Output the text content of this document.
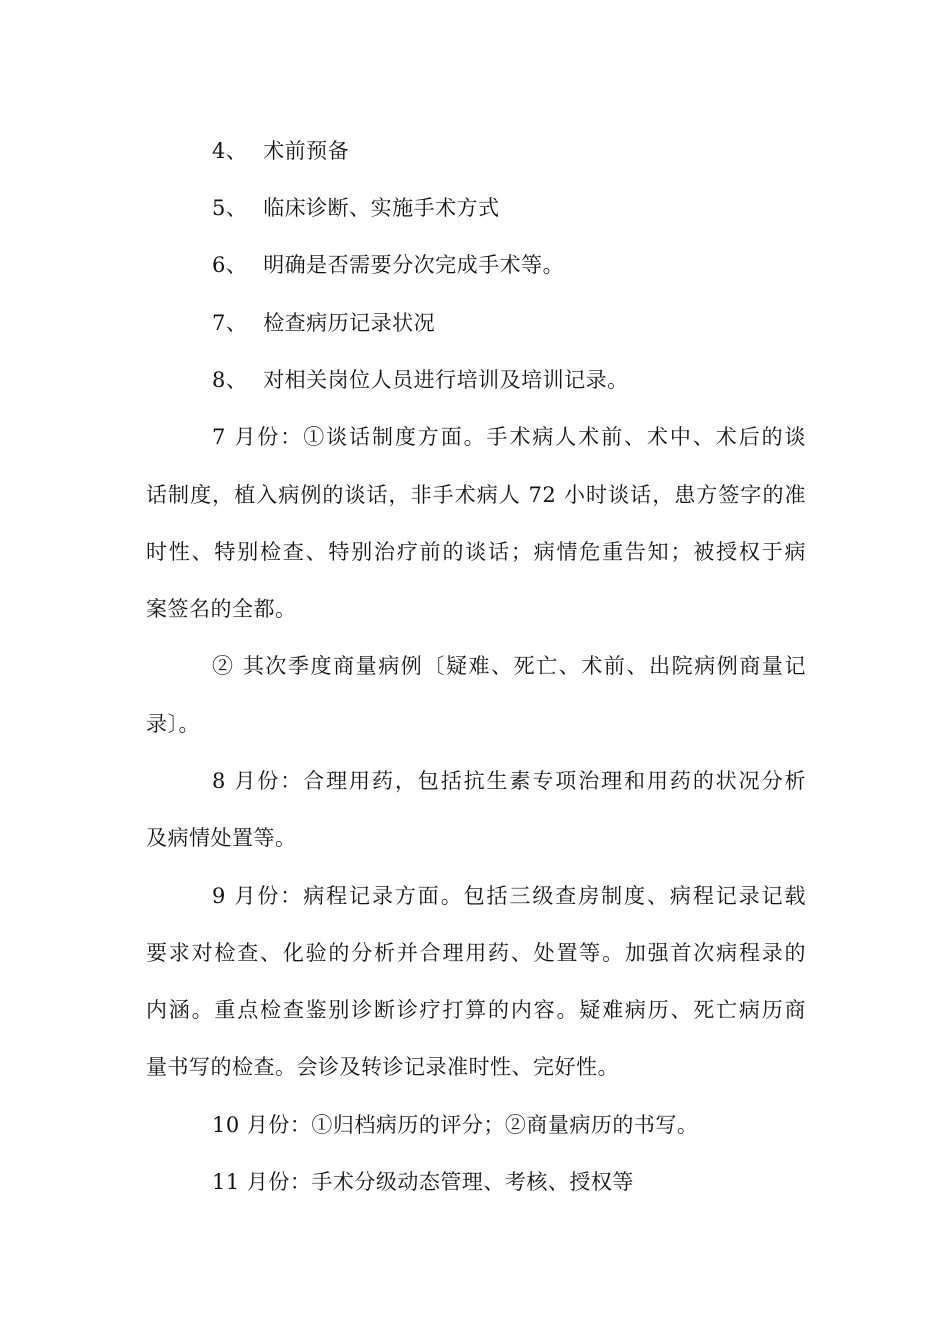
4、 术前预备
5、 临床诊断、实施手术方式
6、 明确是否需要分次完成手术等。
7、 检查病历记录状况
8、 对相关岗位人员进行培训及培训记录。
7 月份：①谈话制度方面。手术病人术前、术中、术后的谈
话制度，植入病例的谈话，非手术病人 72 小时谈话，患方签字的准
时性、特别检查、特别治疗前的谈话；病情危重告知；被授权于病
案签名的全都。
② 其次季度商量病例〔疑难、死亡、术前、出院病例商量记
录〕。
8 月份：合理用药，包括抗生素专项治理和用药的状况分析
及病情处置等。
9 月份：病程记录方面。包括三级查房制度、病程记录记载
要求对检查、化验的分析并合理用药、处置等。加强首次病程录的
内涵。重点检查鉴别诊断诊疗打算的内容。疑难病历、死亡病历商
量书写的检查。会诊及转诊记录准时性、完好性。
10 月份：①归档病历的评分；②商量病历的书写。
11 月份：手术分级动态管理、考核、授权等
